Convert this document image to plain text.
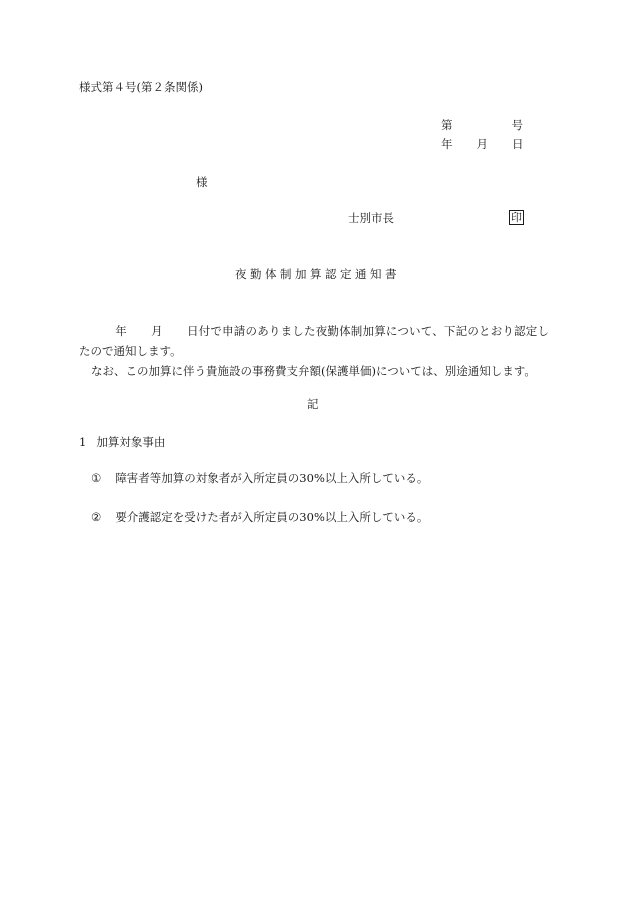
様式第４号(第２条関係)
第	号
年 月 日
様
士別市長	印
夜勤体制加算認定通知書
年 月 日付で申請のありました夜勤体制加算について、下記のとおり認定したので通知します。
なお、この加算に伴う貴施設の事務費支弁額(保護単価)については、別途通知します。
記
1 加算対象事由
① 障害者等加算の対象者が入所定員の30%以上入所している。
② 要介護認定を受けた者が入所定員の30%以上入所している。
